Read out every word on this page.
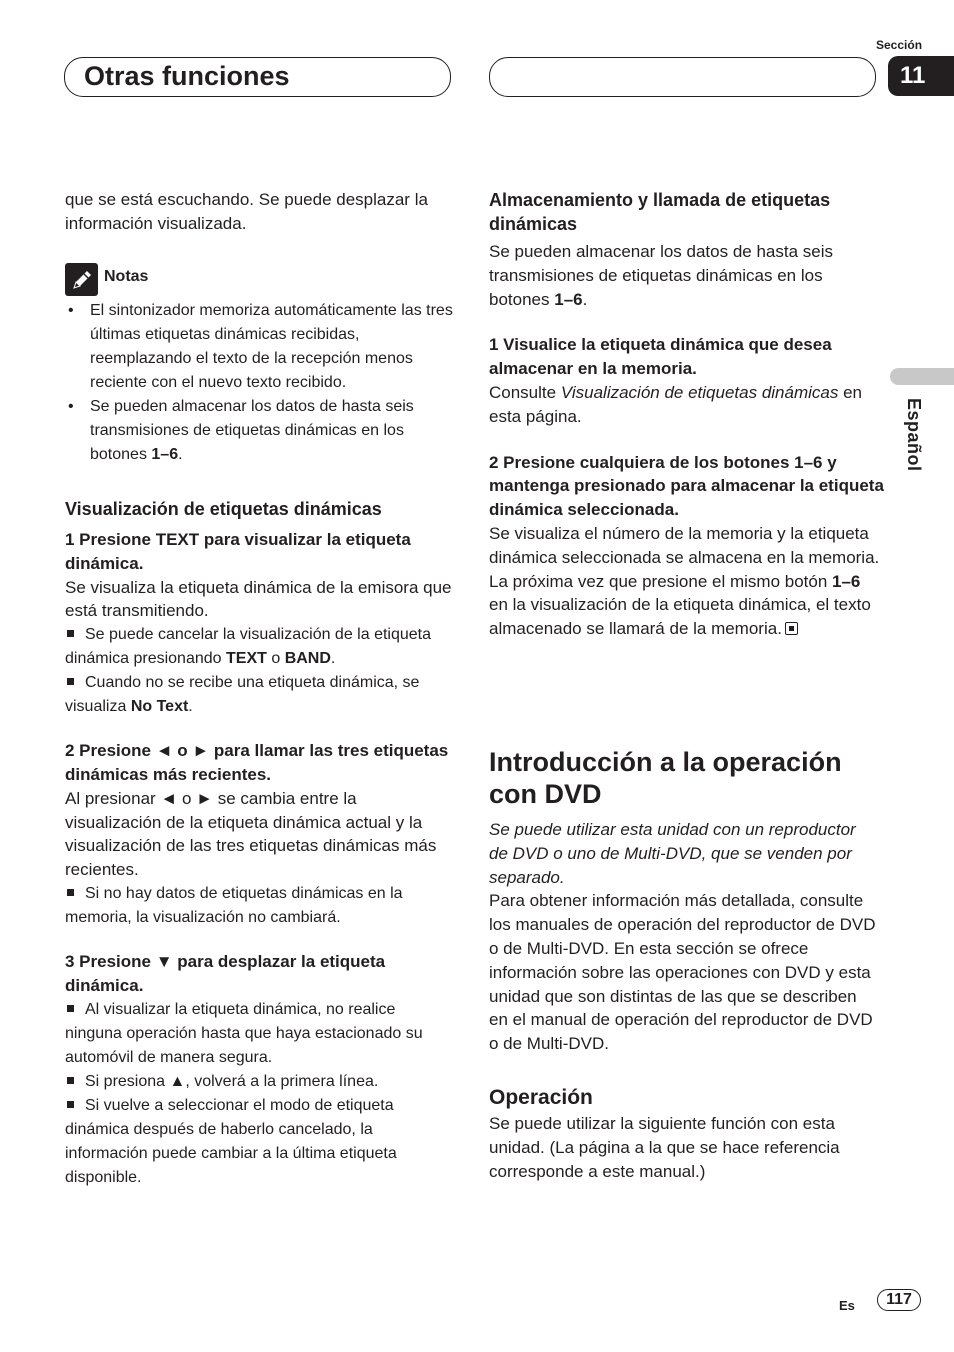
Otras funciones
Sección
11
Español

que se está escuchando. Se puede desplazar la información visualizada.

Notas
• El sintonizador memoriza automáticamente las tres últimas etiquetas dinámicas recibidas, reemplazando el texto de la recepción menos reciente con el nuevo texto recibido.
• Se pueden almacenar los datos de hasta seis transmisiones de etiquetas dinámicas en los botones 1–6.

Visualización de etiquetas dinámicas

1 Presione TEXT para visualizar la etiqueta dinámica.

Se visualiza la etiqueta dinámica de la emisora que está transmitiendo.

Se puede cancelar la visualización de la etiqueta dinámica presionando TEXT o BAND.

Cuando no se recibe una etiqueta dinámica, se visualiza No Text.

2 Presione ◄ o ► para llamar las tres etiquetas dinámicas más recientes.

Al presionar ◄ o ► se cambia entre la visualización de la etiqueta dinámica actual y la visualización de las tres etiquetas dinámicas más recientes.

Si no hay datos de etiquetas dinámicas en la memoria, la visualización no cambiará.

3 Presione ▼ para desplazar la etiqueta dinámica.

Al visualizar la etiqueta dinámica, no realice ninguna operación hasta que haya estacionado su automóvil de manera segura.

Si presiona ▲, volverá a la primera línea.

Si vuelve a seleccionar el modo de etiqueta dinámica después de haberlo cancelado, la información puede cambiar a la última etiqueta disponible.

Almacenamiento y llamada de etiquetas dinámicas

Se pueden almacenar los datos de hasta seis transmisiones de etiquetas dinámicas en los botones 1–6.

1 Visualice la etiqueta dinámica que desea almacenar en la memoria.

Consulte Visualización de etiquetas dinámicas en esta página.

2 Presione cualquiera de los botones 1–6 y mantenga presionado para almacenar la etiqueta dinámica seleccionada.

Se visualiza el número de la memoria y la etiqueta dinámica seleccionada se almacena en la memoria.

La próxima vez que presione el mismo botón 1–6 en la visualización de la etiqueta dinámica, el texto almacenado se llamará de la memoria.

Introducción a la operación con DVD

Se puede utilizar esta unidad con un reproductor de DVD o uno de Multi-DVD, que se venden por separado.

Para obtener información más detallada, consulte los manuales de operación del reproductor de DVD o de Multi-DVD. En esta sección se ofrece información sobre las operaciones con DVD y esta unidad que son distintas de las que se describen en el manual de operación del reproductor de DVD o de Multi-DVD.

Operación

Se puede utilizar la siguiente función con esta unidad. (La página a la que se hace referencia corresponde a este manual.)

Es	117
